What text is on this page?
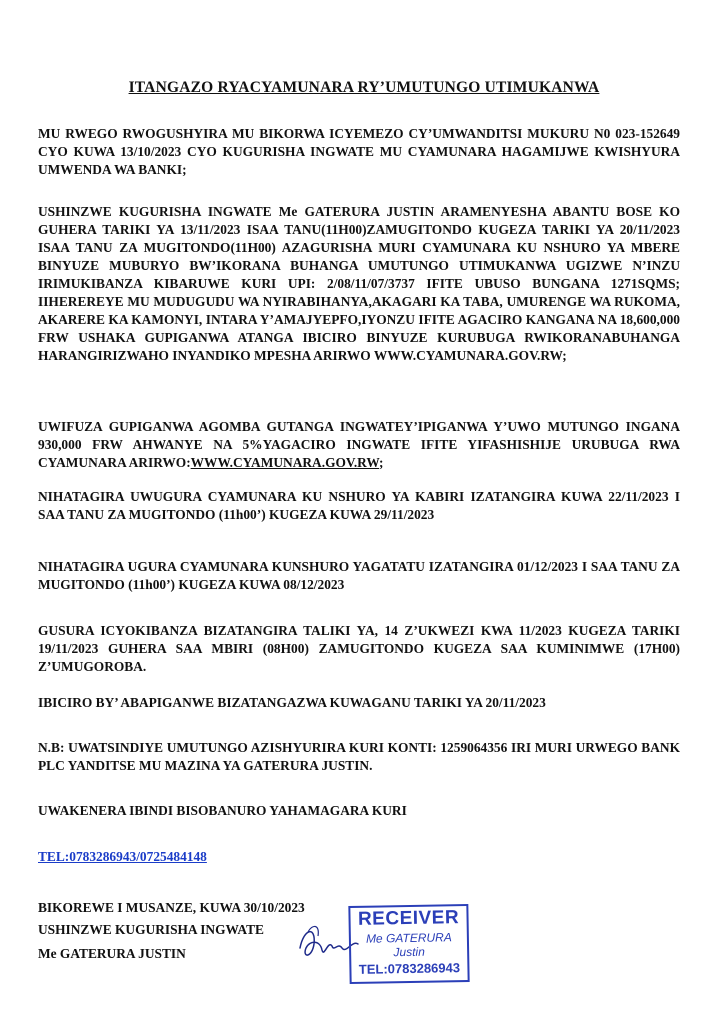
ITANGAZO RYACYAMUNARA RY’UMUTUNGO UTIMUKANWA
MU RWEGO RWOGUSHYIRA MU BIKORWA ICYEMEZO CY’UMWANDITSI MUKURU N0 023-152649 CYO KUWA 13/10/2023 CYO KUGURISHA INGWATE MU CYAMUNARA HAGAMIJWE KWISHYURA UMWENDA WA BANKI;
USHINZWE KUGURISHA INGWATE Me GATERURA JUSTIN ARAMENYESHA ABANTU BOSE KO GUHERA TARIKI YA 13/11/2023 ISAA TANU(11H00)ZAMUGITONDO KUGEZA TARIKI YA 20/11/2023 ISAA TANU ZA MUGITONDO(11H00) AZAGURISHA MURI CYAMUNARA KU NSHURO YA MBERE BINYUZE MUBURYO BW’IKORANA BUHANGA UMUTUNGO UTIMUKANWA UGIZWE N’INZU IRIMUKIBANZA KIBARUWE KURI UPI: 2/08/11/07/3737 IFITE UBUSO BUNGANA 1271SQMS; IIHEREREYE MU MUDUGUDU WA NYIRABIHANYA,AKAGARI KA TABA, UMURENGE WA RUKOMA, AKARERE KA KAMONYI, INTARA Y’AMAJYEPFO,IYONZU IFITE AGACIRO KANGANA NA 18,600,000 FRW USHAKA GUPIGANWA ATANGA IBICIRO BINYUZE KURUBUGA RWIKORANABUHANGA HARANGIRIZWAHO INYANDIKO MPESHA ARIRWO WWW.CYAMUNARA.GOV.RW;
UWIFUZA GUPIGANWA AGOMBA GUTANGA INGWATEY’IPIGANWA Y’UWO MUTUNGO INGANA 930,000 FRW AHWANYE NA 5%YAGACIRO INGWATE IFITE YIFASHISHIJE URUBUGA RWA CYAMUNARA ARIRWO:WWW.CYAMUNARA.GOV.RW;
NIHATAGIRA UWUGURA CYAMUNARA KU NSHURO YA KABIRI IZATANGIRA KUWA 22/11/2023 I SAA TANU ZA MUGITONDO (11h00’) KUGEZA KUWA 29/11/2023
NIHATAGIRA UGURA CYAMUNARA KUNSHURO YAGATATU IZATANGIRA 01/12/2023 I SAA TANU ZA MUGITONDO (11h00’) KUGEZA KUWA 08/12/2023
GUSURA ICYOKIBANZA BIZATANGIRA TALIKI YA, 14 Z’UKWEZI KWA 11/2023 KUGEZA TARIKI 19/11/2023 GUHERA SAA MBIRI (08H00) ZAMUGITONDO KUGEZA SAA KUMINIMWE (17H00) Z’UMUGOROBA.
IBICIRO BY’ ABAPIGANWE BIZATANGAZWA KUWAGANU TARIKI YA 20/11/2023
N.B: UWATSINDIYE UMUTUNGO AZISHYURIRA KURI KONTI: 1259064356 IRI MURI URWEGO BANK PLC YANDITSE MU MAZINA YA GATERURA JUSTIN.
UWAKENERA IBINDI BISOBANURO YAHAMAGARA KURI
TEL:0783286943/0725484148
BIKOREWE I MUSANZE, KUWA 30/10/2023
USHINZWE KUGURISHA INGWATE
Me GATERURA JUSTIN
RECEIVER
Me GATERURA Justin
TEL:0783286943
